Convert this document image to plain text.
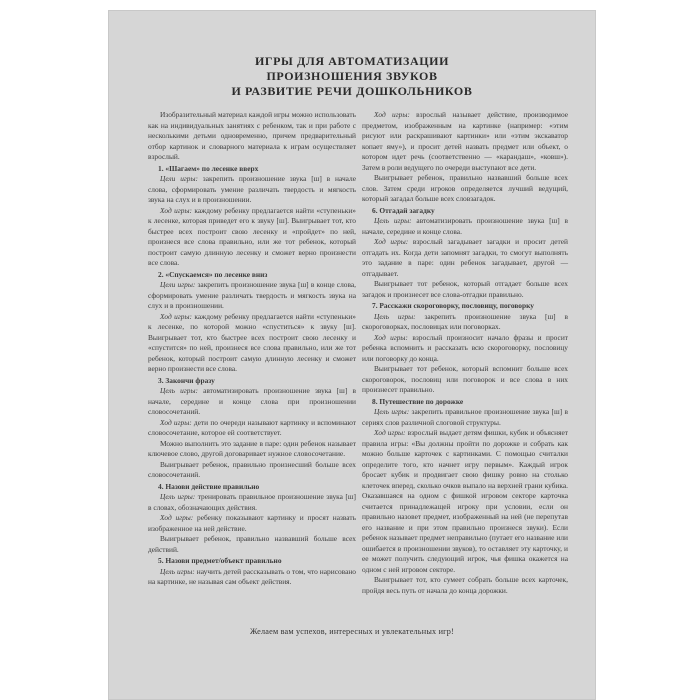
ИГРЫ ДЛЯ АВТОМАТИЗАЦИИ
ПРОИЗНОШЕНИЯ ЗВУКОВ
И РАЗВИТИЕ РЕЧИ ДОШКОЛЬНИКОВ

Изобразительный материал каждой игры можно использовать как на индивидуальных занятиях с ребенком, так и при работе с несколькими детьми одновременно, причем предварительный отбор картинок и словарного материала к играм осуществляет взрослый.

1. «Шагаем» по лесенке вверх

Цели игры: закрепить произношение звука [ш] в начале слова, сформировать умение различать твердость и мягкость звука на слух и в произношении.

Ход игры: каждому ребенку предлагается найти «ступеньки» к лесенке, которая приведет его к звуку [ш]. Выигрывает тот, кто быстрее всех построит свою лесенку и «пройдет» по ней, произнеся все слова правильно, или же тот ребенок, который построит самую длинную лесенку и сможет верно произнести все слова.

2. «Спускаемся» по лесенке вниз

Цели игры: закрепить произношение звука [ш] в конце слова, сформировать умение различать твердость и мягкость звука на слух и в произношении.

Ход игры: каждому ребенку предлагается найти «ступеньки» к лесенке, по которой можно «спуститься» к звуку [ш]. Выигрывает тот, кто быстрее всех построит свою лесенку и «спустится» по ней, произнеся все слова правильно, или же тот ребенок, который построит самую длинную лесенку и сможет верно произнести все слова.

3. Закончи фразу

Цель игры: автоматизировать произношение звука [ш] в начале, середине и конце слова при произношении словосочетаний.

Ход игры: дети по очереди называют картинку и вспоминают словосочетание, которое ей соответствует.

Можно выполнить это задание в паре: один ребенок называет ключевое слово, другой договаривает нужное словосочетание.

Выигрывает ребенок, правильно произнесший больше всех словосочетаний.

4. Назови действие правильно

Цель игры: тренировать правильное произношение звука [ш] в словах, обозначающих действия.

Ход игры: ребенку показывают картинку и просят назвать изображенное на ней действие.

Выигрывает ребенок, правильно назвавший больше всех действий.

5. Назови предмет/объект правильно

Цель игры: научить детей рассказывать о том, что нарисовано на картинке, не называя сам объект действия.

Ход игры: взрослый называет действие, производимое предметом, изображенным на картинке (например: «этим рисуют или раскрашивают картинки» или «этим экскаватор копает яму»), и просит детей назвать предмет или объект, о котором идет речь (соответственно — «карандаш», «ковш»). Затем в роли ведущего по очереди выступают все дети.

Выигрывает ребенок, правильно назвавший больше всех слов. Затем среди игроков определяется лучший ведущий, который загадал больше всех словзагадок.

6. Отгадай загадку

Цель игры: автоматизировать произношение звука [ш] в начале, середине и конце слова.

Ход игры: взрослый загадывает загадки и просит детей отгадать их. Когда дети запомнят загадки, то смогут выполнять это задание в паре: один ребенок загадывает, другой — отгадывает.

Выигрывает тот ребенок, который отгадает больше всех загадок и произнесет все слова-отгадки правильно.

7. Расскажи скороговорку, пословицу, поговорку

Цель игры: закрепить произношение звука [ш] в скороговорках, пословицах или поговорках.

Ход игры: взрослый произносит начало фразы и просит ребенка вспомнить и рассказать всю скороговорку, пословицу или поговорку до конца.

Выигрывает тот ребенок, который вспомнит больше всех скороговорок, пословиц или поговорок и все слова в них произнесет правильно.

8. Путешествие по дорожке

Цель игры: закрепить правильное произношение звука [ш] в сериях слов различной слоговой структуры.

Ход игры: взрослый выдает детям фишки, кубик и объясняет правила игры: «Вы должны пройти по дорожке и собрать как можно больше карточек с картинками. С помощью считалки определите того, кто начнет игру первым». Каждый игрок бросает кубик и продвигает свою фишку ровно на столько клеточек вперед, сколько очков выпало на верхней грани кубика. Оказавшаяся на одном с фишкой игровом секторе карточка считается принадлежащей игроку при условии, если он правильно назовет предмет, изображенный на ней (не перепутав его название и при этом правильно произнеся звуки). Если ребенок называет предмет неправильно (путает его название или ошибается в произношении звуков), то оставляет эту карточку, и ее может получить следующий игрок, чья фишка окажется на одном с ней игровом секторе.

Выигрывает тот, кто сумеет собрать больше всех карточек, пройдя весь путь от начала до конца дорожки.

Желаем вам успехов, интересных и увлекательных игр!
